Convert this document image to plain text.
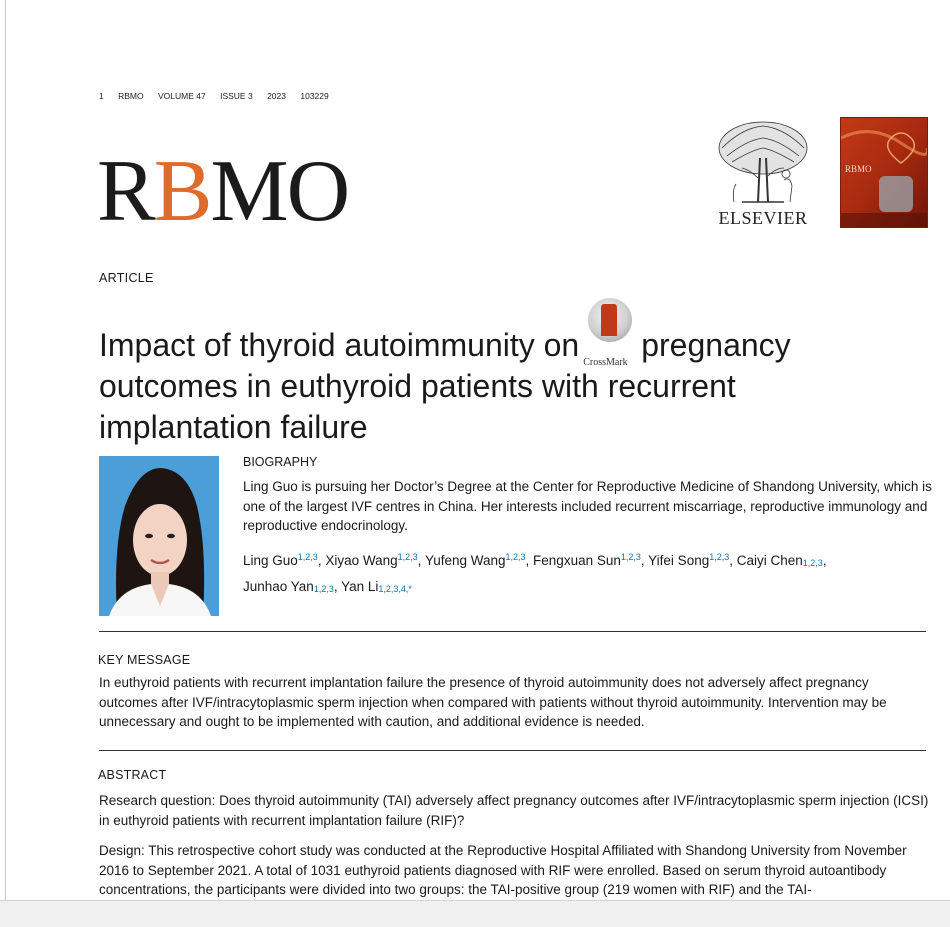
1 RBMO VOLUME 47 ISSUE 3 2023 103229
RBMO	ELSEVIER
RBMO
ARTICLE
Impact of thyroid autoimmunity on CrossMark pregnancy outcomes in euthyroid patients with recurrent implantation failure
BIOGRAPHY
Ling Guo is pursuing her Doctor’s Degree at the Center for Reproductive Medicine of Shandong University, which is one of the largest IVF centres in China. Her interests included recurrent miscarriage, reproductive immunology and reproductive endocrinology.
Ling Guo$^{1,2,3}$, Xiyao Wang$^{1,2,3}$, Yufeng Wang$^{1,2,3}$, Fengxuan Sun$^{1,2,3}$, Yifei Song$^{1,2,3}$, Caiyi Chen1,2,3, Junhao Yan1,2,3, Yan Li1,2,3,4,*
KEY MESSAGE
In euthyroid patients with recurrent implantation failure the presence of thyroid autoimmunity does not adversely affect pregnancy outcomes after IVF/intracytoplasmic sperm injection when compared with patients without thyroid autoimmunity. Intervention may be unnecessary and ought to be implemented with caution, and additional evidence is needed.
ABSTRACT
Research question: Does thyroid autoimmunity (TAI) adversely affect pregnancy outcomes after IVF/intracytoplasmic sperm injection (ICSI) in euthyroid patients with recurrent implantation failure (RIF)?
Design: This retrospective cohort study was conducted at the Reproductive Hospital Affiliated with Shandong University from November 2016 to September 2021. A total of 1031 euthyroid patients diagnosed with RIF were enrolled. Based on serum thyroid autoantibody concentrations, the participants were divided into two groups: the TAI-positive group (219 women with RIF) and the TAI-
